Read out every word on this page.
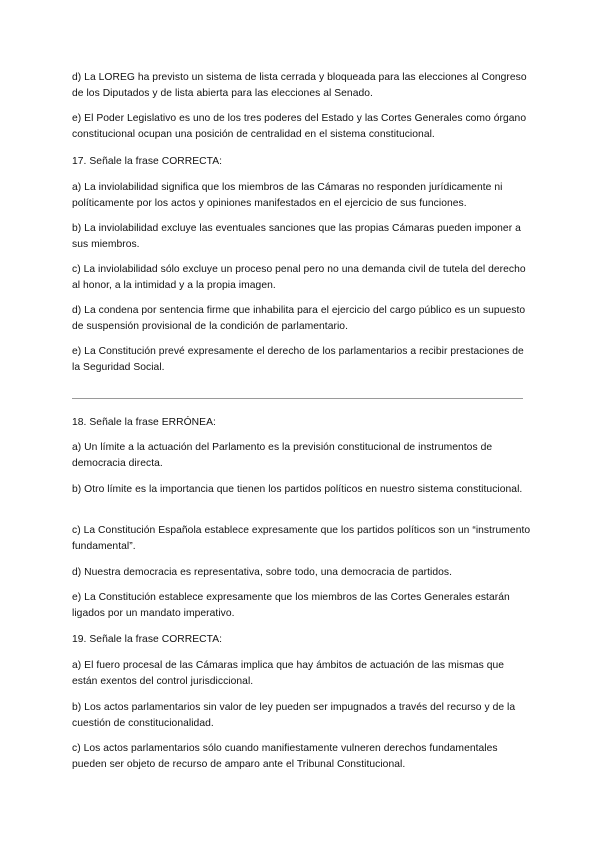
d) La LOREG ha previsto un sistema de lista cerrada y bloqueada para las elecciones al Congreso de los Diputados y de lista abierta para las elecciones al Senado.

e) El Poder Legislativo es uno de los tres poderes del Estado y las Cortes Generales como órgano constitucional ocupan una posición de centralidad en el sistema constitucional.

17. Señale la frase CORRECTA:

a) La inviolabilidad significa que los miembros de las Cámaras no responden jurídicamente ni políticamente por los actos y opiniones manifestados en el ejercicio de sus funciones.

b) La inviolabilidad excluye las eventuales sanciones que las propias Cámaras pueden imponer a sus miembros.

c) La inviolabilidad sólo excluye un proceso penal pero no una demanda civil de tutela del derecho al honor, a la intimidad y a la propia imagen.

d) La condena por sentencia firme que inhabilita para el ejercicio del cargo público es un supuesto de suspensión provisional de la condición de parlamentario.

e) La Constitución prevé expresamente el derecho de los parlamentarios a recibir prestaciones de la Seguridad Social.

18. Señale la frase ERRÓNEA:

a) Un límite a la actuación del Parlamento es la previsión constitucional de instrumentos de democracia directa.

b) Otro límite es la importancia que tienen los partidos políticos en nuestro sistema constitucional.

c) La Constitución Española establece expresamente que los partidos políticos son un “instrumento fundamental”.

d) Nuestra democracia es representativa, sobre todo, una democracia de partidos.

e) La Constitución establece expresamente que los miembros de las Cortes Generales estarán ligados por un mandato imperativo.

19. Señale la frase CORRECTA:

a) El fuero procesal de las Cámaras implica que hay ámbitos de actuación de las mismas que están exentos del control jurisdiccional.

b) Los actos parlamentarios sin valor de ley pueden ser impugnados a través del recurso y de la cuestión de constitucionalidad.

c) Los actos parlamentarios sólo cuando manifiestamente vulneren derechos fundamentales pueden ser objeto de recurso de amparo ante el Tribunal Constitucional.
